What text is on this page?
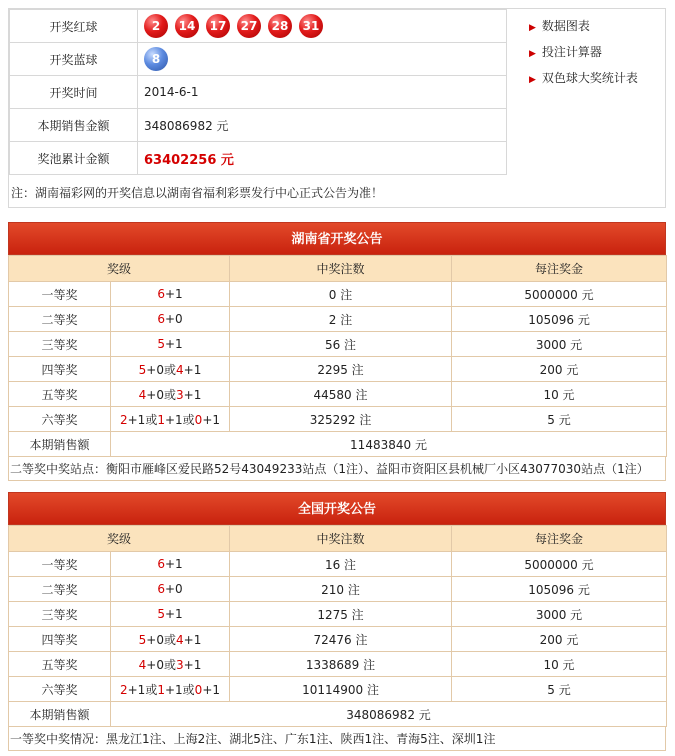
开奖红球	2 14 17 27 28 31
开奖蓝球	8
开奖时间	2014-6-1
本期销售金额	348086982 元
奖池累计金额	63402256 元
▶ 数据图表
▶ 投注计算器
▶ 双色球大奖统计表
注：湖南福彩网的开奖信息以湖南省福利彩票发行中心正式公告为准！
湖南省开奖公告
奖级		中奖注数	每注奖金
一等奖	6+1	0 注	5000000 元
二等奖	6+0	2 注	105096 元
三等奖	5+1	56 注	3000 元
四等奖	5+0或4+1	2295 注	200 元
五等奖	4+0或3+1	44580 注	10 元
六等奖	2+1或1+1或0+1	325292 注	5 元
本期销售额	11483840 元		
二等奖中奖站点：衡阳市雁峰区爱民路52号43049233站点（1注）、益阳市资阳区县机械厂小区43077030站点（1注）
全国开奖公告
奖级		中奖注数	每注奖金
一等奖	6+1	16 注	5000000 元
二等奖	6+0	210 注	105096 元
三等奖	5+1	1275 注	3000 元
四等奖	5+0或4+1	72476 注	200 元
五等奖	4+0或3+1	1338689 注	10 元
六等奖	2+1或1+1或0+1	10114900 注	5 元
本期销售额	348086982 元		
一等奖中奖情况：黑龙江1注、上海2注、湖北5注、广东1注、陕西1注、青海5注、深圳1注
